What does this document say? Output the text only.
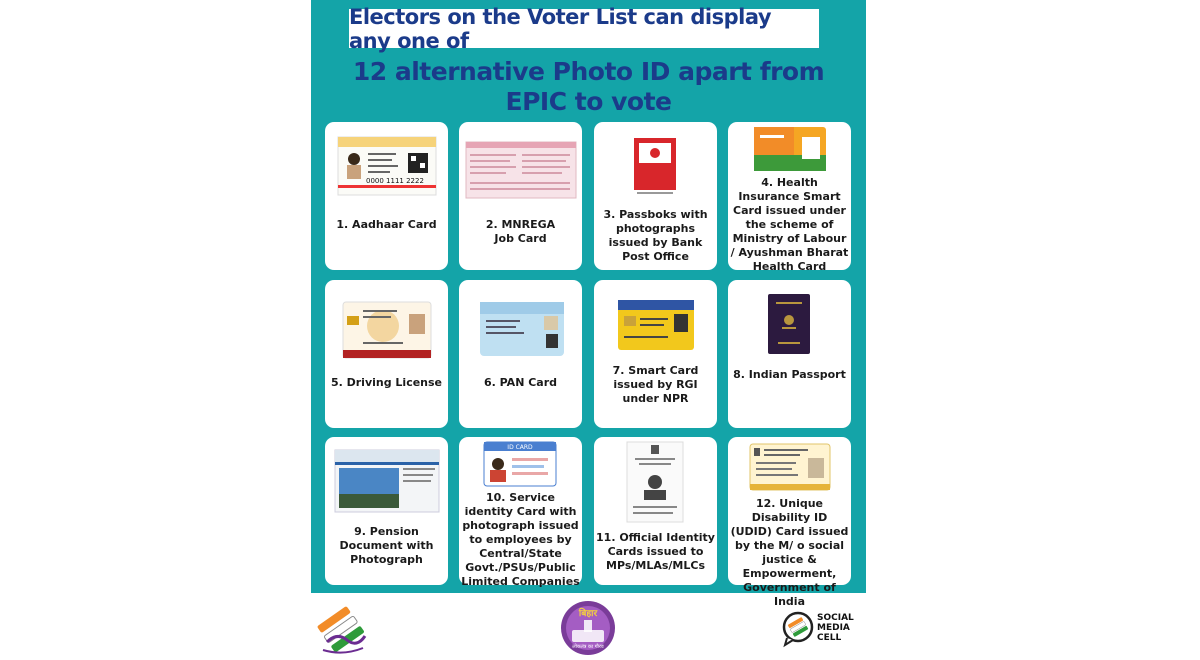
Electors on the Voter List can display any one of
12 alternative Photo ID apart from
EPIC to vote
0000 1111 2222
1. Aadhaar Card	2. MNREGA
Job Card
3. Passboks with photographs issued by Bank Post Office
4. Health Insurance Smart Card issued under the scheme of Ministry of Labour / Ayushman Bharat Health Card
5. Driving License	6. PAN Card
7. Smart Card issued by RGI under NPR
8. Indian Passport
9. Pension Document with Photograph
ID CARD
10. Service identity Card with photograph issued to employees by Central/State Govt./PSUs/Public Limited Companies
11. Official Identity Cards issued to MPs/MLAs/MLCs
12. Unique Disability ID (UDID) Card issued by the M/ o social justice & Empowerment, Government of India
बिहार
लोकतंत्र का गौरव
SOCIAL
MEDIA
CELL
